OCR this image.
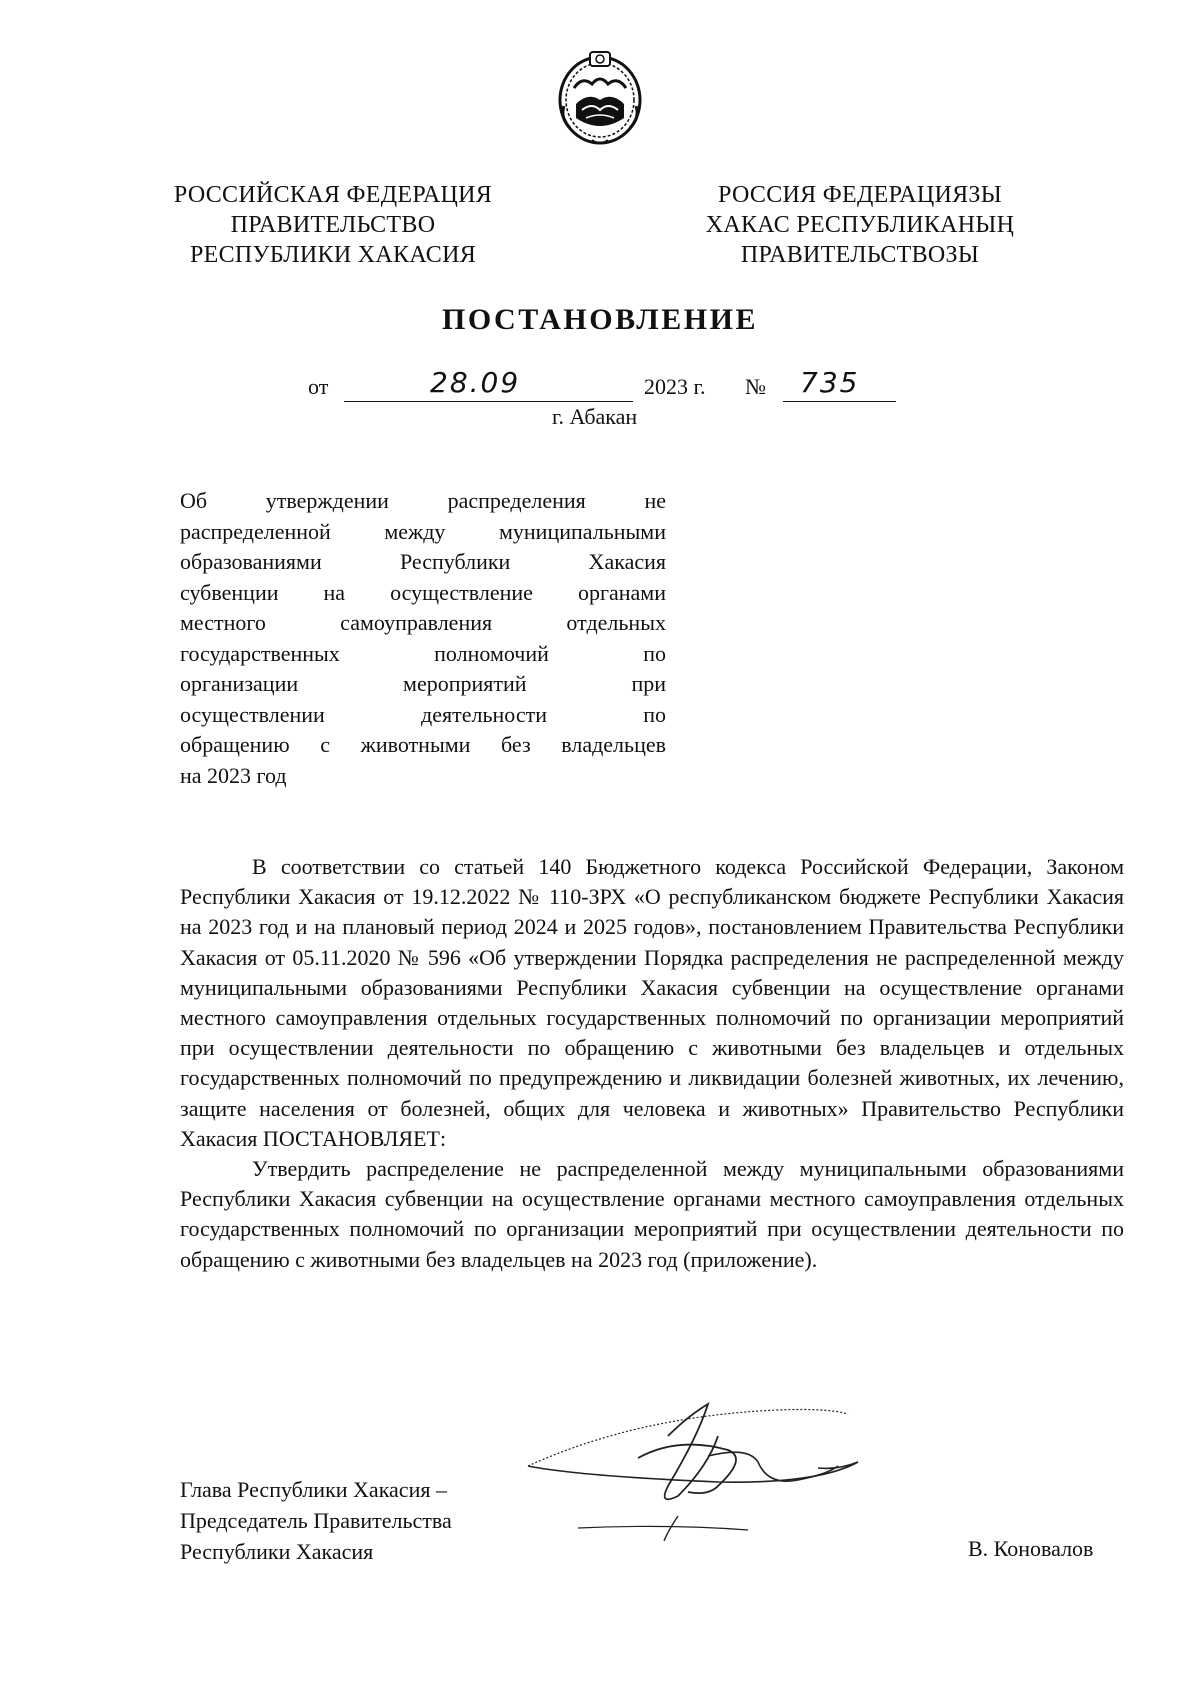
РОССИЙСКАЯ ФЕДЕРАЦИЯ
ПРАВИТЕЛЬСТВО
РЕСПУБЛИКИ ХАКАСИЯ
РОССИЯ ФЕДЕРАЦИЯЗЫ
ХАКАС РЕСПУБЛИКАНЫҢ
ПРАВИТЕЛЬСТВОЗЫ
ПОСТАНОВЛЕНИЕ
от	28.09	2023 г. № 735
г. Абакан
Об утверждении распределения не
распределенной между муниципальными
образованиями Республики Хакасия
субвенции на осуществление органами
местного самоуправления отдельных
государственных полномочий по
организации мероприятий при
осуществлении деятельности по
обращению с животными без владельцев
на 2023 год

В соответствии со статьей 140 Бюджетного кодекса Российской Федерации, Законом Республики Хакасия от 19.12.2022 № 110-ЗРХ «О республиканском бюджете Республики Хакасия на 2023 год и на плановый период 2024 и 2025 годов», постановлением Правительства Республики Хакасия от 05.11.2020 № 596 «Об утверждении Порядка распределения не распределенной между муниципальными образованиями Республики Хакасия субвенции на осуществление органами местного самоуправления отдельных государственных полномочий по организации мероприятий при осуществлении деятельности по обращению с животными без владельцев и отдельных государственных полномочий по предупреждению и ликвидации болезней животных, их лечению, защите населения от болезней, общих для человека и животных» Правительство Республики Хакасия ПОСТАНОВЛЯЕТ:

Утвердить распределение не распределенной между муниципальными образованиями Республики Хакасия субвенции на осуществление органами местного самоуправления отдельных государственных полномочий по организации мероприятий при осуществлении деятельности по обращению с животными без владельцев на 2023 год (приложение).

Глава Республики Хакасия –
Председатель Правительства
Республики Хакасия	В. Коновалов
